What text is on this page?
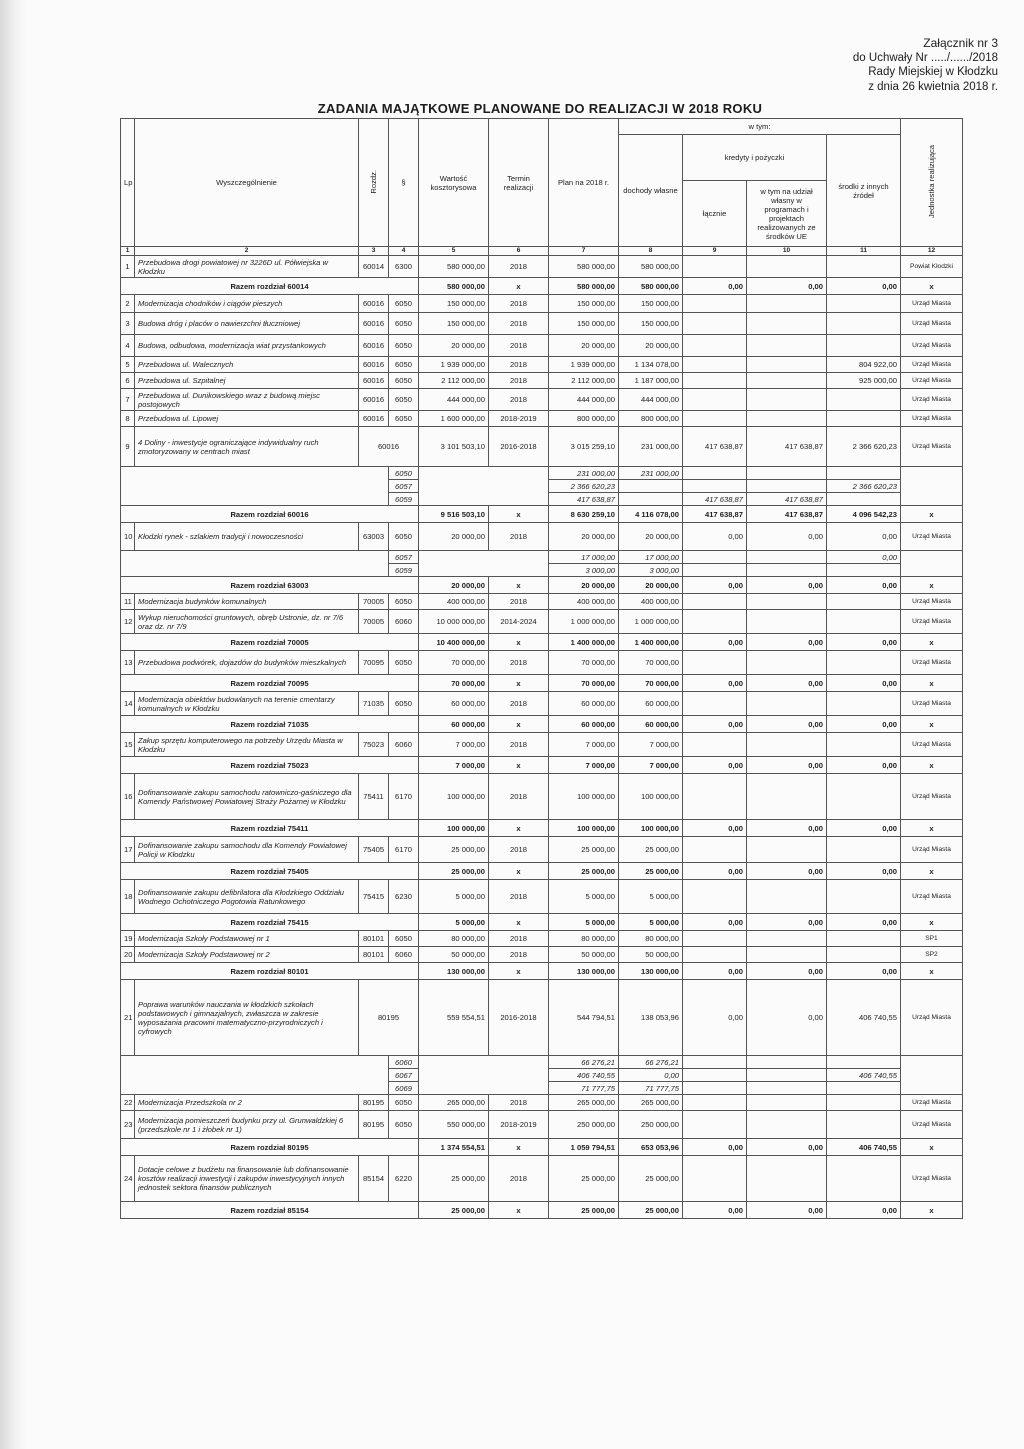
Załącznik nr 3
do Uchwały Nr ...../....../2018
Rady Miejskiej w Kłodzku
z dnia 26 kwietnia 2018 r.
ZADANIA MAJĄTKOWE PLANOWANE DO REALIZACJI W 2018 ROKU
Lp	Wyszczególnienie	Rozdz.	§	Wartość kosztorysowa	Termin realizacji	Plan na 2018 r.	w tym:				Jednostka realizująca
							dochody własne	kredyty i pożyczki		środki z innych źródeł	
								łącznie	w tym na udział własny w programach i projektach realizowanych ze środków UE		
1	2	3	4	5	6	7	8	9	10	11	12
1	Przebudowa drogi powiatowej nr 3226D ul. Półwiejska w Kłodzku	60014	6300	580 000,00	2018	580 000,00	580 000,00				Powiat Kłodzki
Razem rozdział 60014				580 000,00	x	580 000,00	580 000,00	0,00	0,00	0,00	x
2	Modernizacja chodników i ciągów pieszych	60016	6050	150 000,00	2018	150 000,00	150 000,00				Urząd Miasta
3	Budowa dróg i placów o nawierzchni tłuczniowej	60016	6050	150 000,00	2018	150 000,00	150 000,00				Urząd Miasta
4	Budowa, odbudowa, modernizacja wiat przystankowych	60016	6050	20 000,00	2018	20 000,00	20 000,00				Urząd Miasta
5	Przebudowa ul. Walecznych	60016	6050	1 939 000,00	2018	1 939 000,00	1 134 078,00			804 922,00	Urząd Miasta
6	Przebudowa ul. Szpitalnej	60016	6050	2 112 000,00	2018	2 112 000,00	1 187 000,00			925 000,00	Urząd Miasta
7	Przebudowa ul. Dunikowskiego wraz z budową miejsc postojowych	60016	6050	444 000,00	2018	444 000,00	444 000,00				Urząd Miasta
8	Przebudowa ul. Lipowej	60016	6050	1 600 000,00	2018-2019	800 000,00	800 000,00				Urząd Miasta
9	4 Doliny - inwestycje ograniczające indywidualny ruch zmotoryzowany w centrach miast	60016		3 101 503,10	2016-2018	3 015 259,10	231 000,00	417 638,87	417 638,87	2 366 620,23	Urząd Miasta
			6050			231 000,00	231 000,00				
			6057			2 366 620,23				2 366 620,23	
			6059			417 638,87		417 638,87	417 638,87		
Razem rozdział 60016				9 516 503,10	x	8 630 259,10	4 116 078,00	417 638,87	417 638,87	4 096 542,23	x
10	Kłodzki rynek - szlakiem tradycji i nowoczesności	63003	6050	20 000,00	2018	20 000,00	20 000,00	0,00	0,00	0,00	Urząd Miasta
			6057			17 000,00	17 000,00			0,00	
			6059			3 000,00	3 000,00				
Razem rozdział 63003				20 000,00	x	20 000,00	20 000,00	0,00	0,00	0,00	x
11	Modernizacja budynków komunalnych	70005	6050	400 000,00	2018	400 000,00	400 000,00				Urząd Miasta
12	Wykup nieruchomości gruntowych, obręb Ustronie, dz. nr 7/6 oraz dz. nr 7/9	70005	6060	10 000 000,00	2014-2024	1 000 000,00	1 000 000,00				Urząd Miasta
Razem rozdział 70005				10 400 000,00	x	1 400 000,00	1 400 000,00	0,00	0,00	0,00	x
13	Przebudowa podwórek, dojazdów do budynków mieszkalnych	70095	6050	70 000,00	2018	70 000,00	70 000,00				Urząd Miasta
Razem rozdział 70095				70 000,00	x	70 000,00	70 000,00	0,00	0,00	0,00	x
14	Modernizacja obiektów budowlanych na terenie cmentarzy komunalnych w Kłodzku	71035	6050	60 000,00	2018	60 000,00	60 000,00				Urząd Miasta
Razem rozdział 71035				60 000,00	x	60 000,00	60 000,00	0,00	0,00	0,00	x
15	Zakup sprzętu komputerowego na potrzeby Urzędu Miasta w Kłodzku	75023	6060	7 000,00	2018	7 000,00	7 000,00				Urząd Miasta
Razem rozdział 75023				7 000,00	x	7 000,00	7 000,00	0,00	0,00	0,00	x
16	Dofinansowanie zakupu samochodu ratowniczo-gaśniczego dla Komendy Państwowej Powiatowej Straży Pożarnej w Kłodzku	75411	6170	100 000,00	2018	100 000,00	100 000,00				Urząd Miasta
Razem rozdział 75411				100 000,00	x	100 000,00	100 000,00	0,00	0,00	0,00	x
17	Dofinansowanie zakupu samochodu dla Komendy Powiatowej Policji w Kłodzku	75405	6170	25 000,00	2018	25 000,00	25 000,00				Urząd Miasta
Razem rozdział 75405				25 000,00	x	25 000,00	25 000,00	0,00	0,00	0,00	x
18	Dofinansowanie zakupu defibrilatora dla Kłodzkiego Oddziału Wodnego Ochotniczego Pogotowia Ratunkowego	75415	6230	5 000,00	2018	5 000,00	5 000,00				Urząd Miasta
Razem rozdział 75415				5 000,00	x	5 000,00	5 000,00	0,00	0,00	0,00	x
19	Modernizacja Szkoły Podstawowej nr 1	80101	6050	80 000,00	2018	80 000,00	80 000,00				SP1
20	Modernizacja Szkoły Podstawowej nr 2	80101	6060	50 000,00	2018	50 000,00	50 000,00				SP2
Razem rozdział 80101				130 000,00	x	130 000,00	130 000,00	0,00	0,00	0,00	x
21	Poprawa warunków nauczania w kłodzkich szkołach podstawowych i gimnazjalnych, zwłaszcza w zakresie wyposażania pracowni matematyczno-przyrodniczych i cyfrowych	80195		559 554,51	2016-2018	544 794,51	138 053,96	0,00	0,00	406 740,55	Urząd Miasta
			6060			66 276,21	66 276,21				
			6067			406 740,55	0,00			406 740,55	
			6069			71 777,75	71 777,75				
22	Modernizacja Przedszkola nr 2	80195	6050	265 000,00	2018	265 000,00	265 000,00				Urząd Miasta
23	Modernizacja pomieszczeń budynku przy ul. Grunwaldzkiej 6 (przedszkole nr 1 i żłobek nr 1)	80195	6050	550 000,00	2018-2019	250 000,00	250 000,00				Urząd Miasta
Razem rozdział 80195				1 374 554,51	x	1 059 794,51	653 053,96	0,00	0,00	406 740,55	x
24	Dotacje celowe z budżetu na finansowanie lub dofinansowanie kosztów realizacji inwestycji i zakupów inwestycyjnych innych jednostek sektora finansów publicznych	85154	6220	25 000,00	2018	25 000,00	25 000,00				Urząd Miasta
Razem rozdział 85154				25 000,00	x	25 000,00	25 000,00	0,00	0,00	0,00	x
